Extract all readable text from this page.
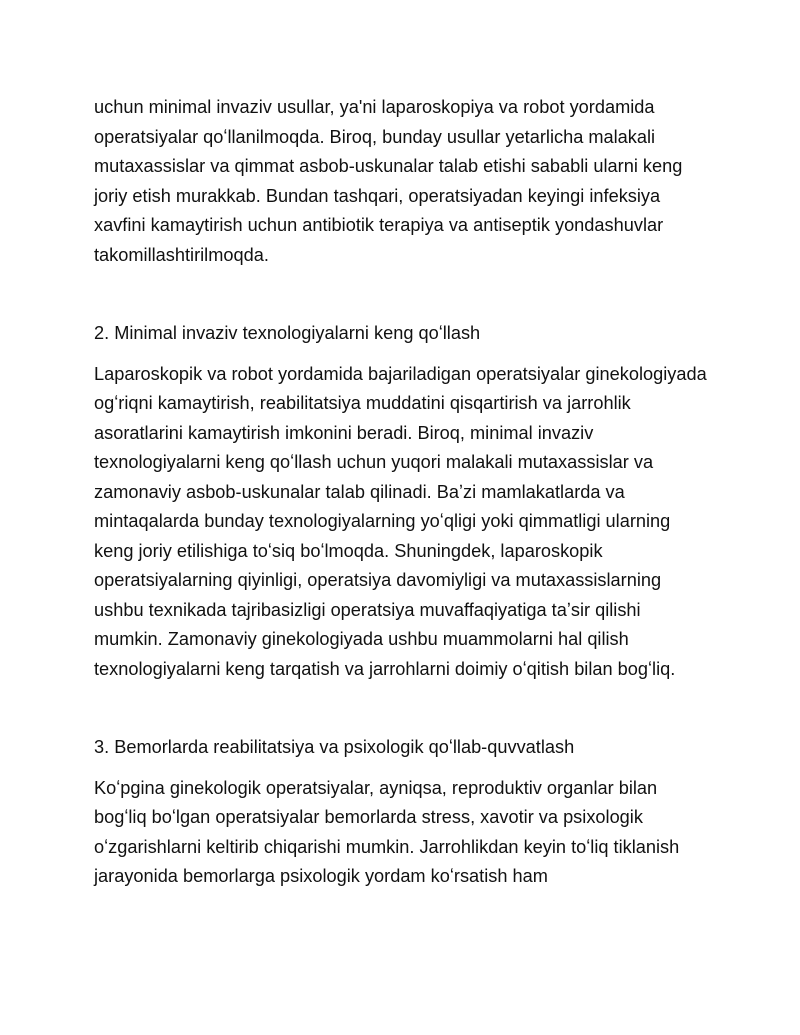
uchun minimal invaziv usullar, ya'ni laparoskopiya va robot yordamida operatsiyalar qoʻllanilmoqda. Biroq, bunday usullar yetarlicha malakali mutaxassislar va qimmat asbob-uskunalar talab etishi sababli ularni keng joriy etish murakkab. Bundan tashqari, operatsiyadan keyingi infeksiya xavfini kamaytirish uchun antibiotik terapiya va antiseptik yondashuvlar takomillashtirilmoqda.

2. Minimal invaziv texnologiyalarni keng qoʻllash

Laparoskopik va robot yordamida bajariladigan operatsiyalar ginekologiyada ogʻriqni kamaytirish, reabilitatsiya muddatini qisqartirish va jarrohlik asoratlarini kamaytirish imkonini beradi. Biroq, minimal invaziv texnologiyalarni keng qoʻllash uchun yuqori malakali mutaxassislar va zamonaviy asbob-uskunalar talab qilinadi. Baʼzi mamlakatlarda va mintaqalarda bunday texnologiyalarning yoʻqligi yoki qimmatligi ularning keng joriy etilishiga toʻsiq boʻlmoqda. Shuningdek, laparoskopik operatsiyalarning qiyinligi, operatsiya davomiyligi va mutaxassislarning ushbu texnikada tajribasizligi operatsiya muvaffaqiyatiga taʼsir qilishi mumkin. Zamonaviy ginekologiyada ushbu muammolarni hal qilish texnologiyalarni keng tarqatish va jarrohlarni doimiy oʻqitish bilan bogʻliq.

3. Bemorlarda reabilitatsiya va psixologik qoʻllab-quvvatlash

Koʻpgina ginekologik operatsiyalar, ayniqsa, reproduktiv organlar bilan bogʻliq boʻlgan operatsiyalar bemorlarda stress, xavotir va psixologik oʻzgarishlarni keltirib chiqarishi mumkin. Jarrohlikdan keyin toʻliq tiklanish jarayonida bemorlarga psixologik yordam koʻrsatish ham
